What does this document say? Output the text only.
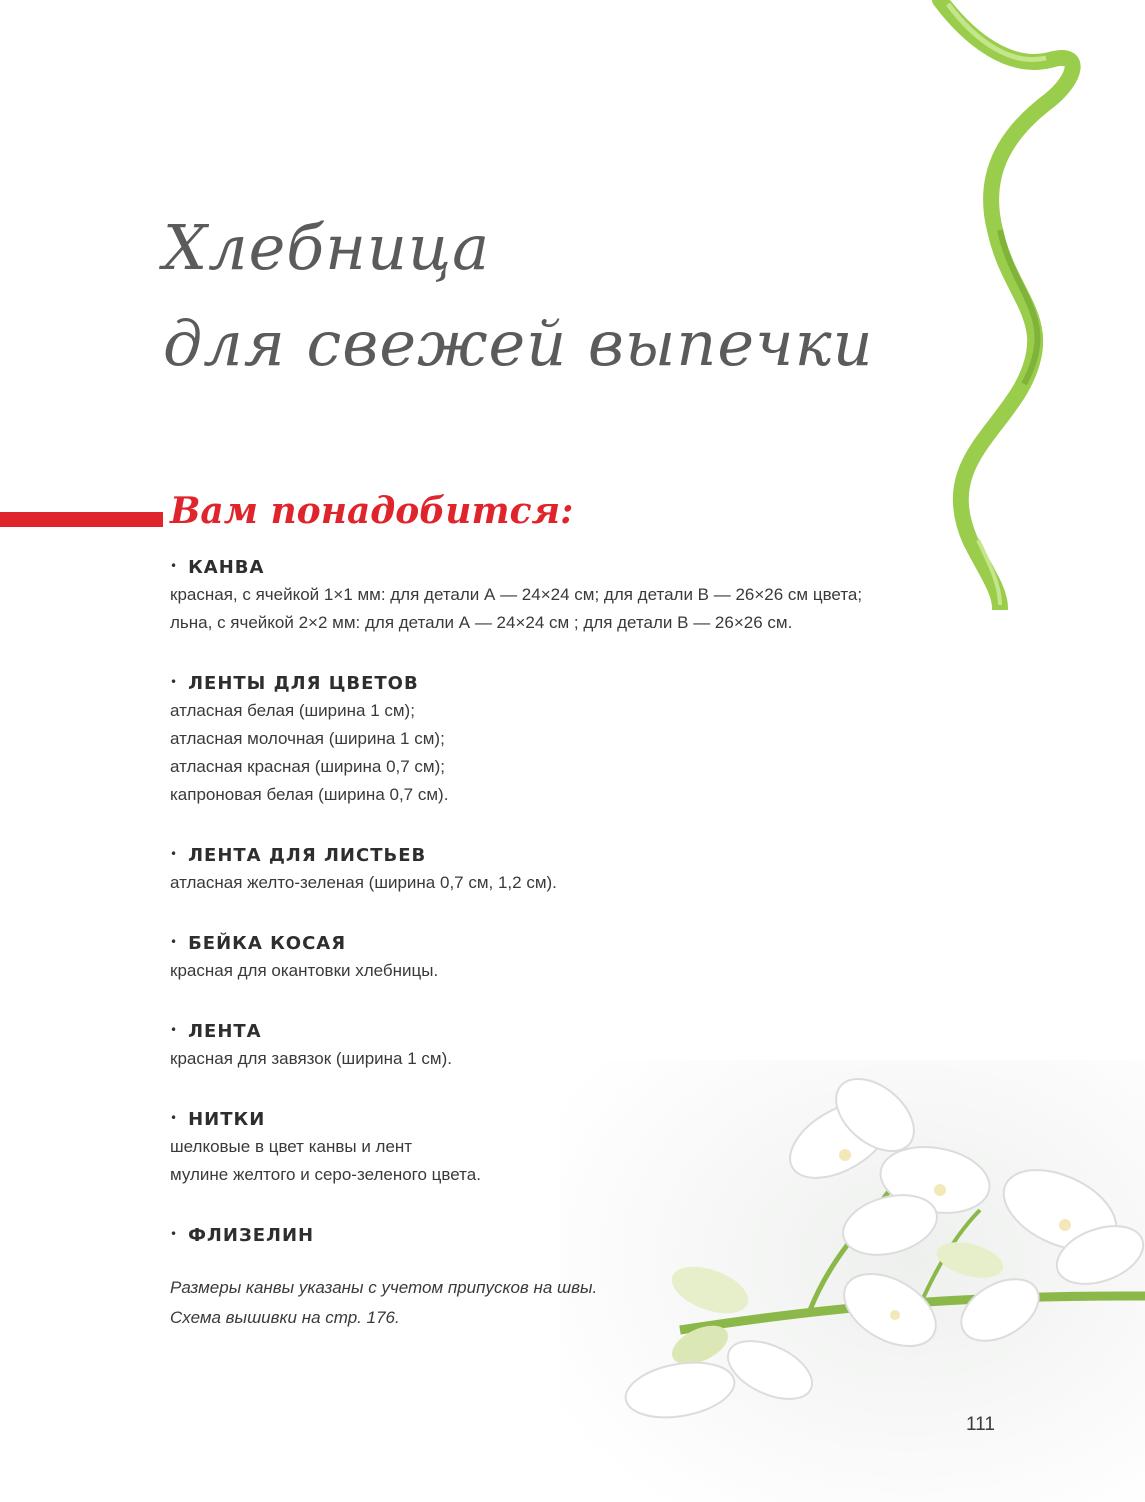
Хлебница
для свежей выпечки
Вам понадобится:
• КАНВА
красная, с ячейкой 1×1 мм: для детали А — 24×24 см; для детали В — 26×26 см цвета;
льна, с ячейкой 2×2 мм: для детали А — 24×24 см ; для детали В — 26×26 см.
• ЛЕНТЫ ДЛЯ ЦВЕТОВ
атласная белая (ширина 1 см);
атласная молочная (ширина 1 см);
атласная красная (ширина 0,7 см);
капроновая белая (ширина 0,7 см).
• ЛЕНТА ДЛЯ ЛИСТЬЕВ
атласная желто-зеленая (ширина 0,7 см, 1,2 см).
• БЕЙКА КОСАЯ
красная для окантовки хлебницы.
• ЛЕНТА
красная для завязок (ширина 1 см).
• НИТКИ
шелковые в цвет канвы и лент
мулине желтого и серо-зеленого цвета.
• ФЛИЗЕЛИН
Размеры канвы указаны с учетом припусков на швы.
Схема вышивки на стр. 176.
111
